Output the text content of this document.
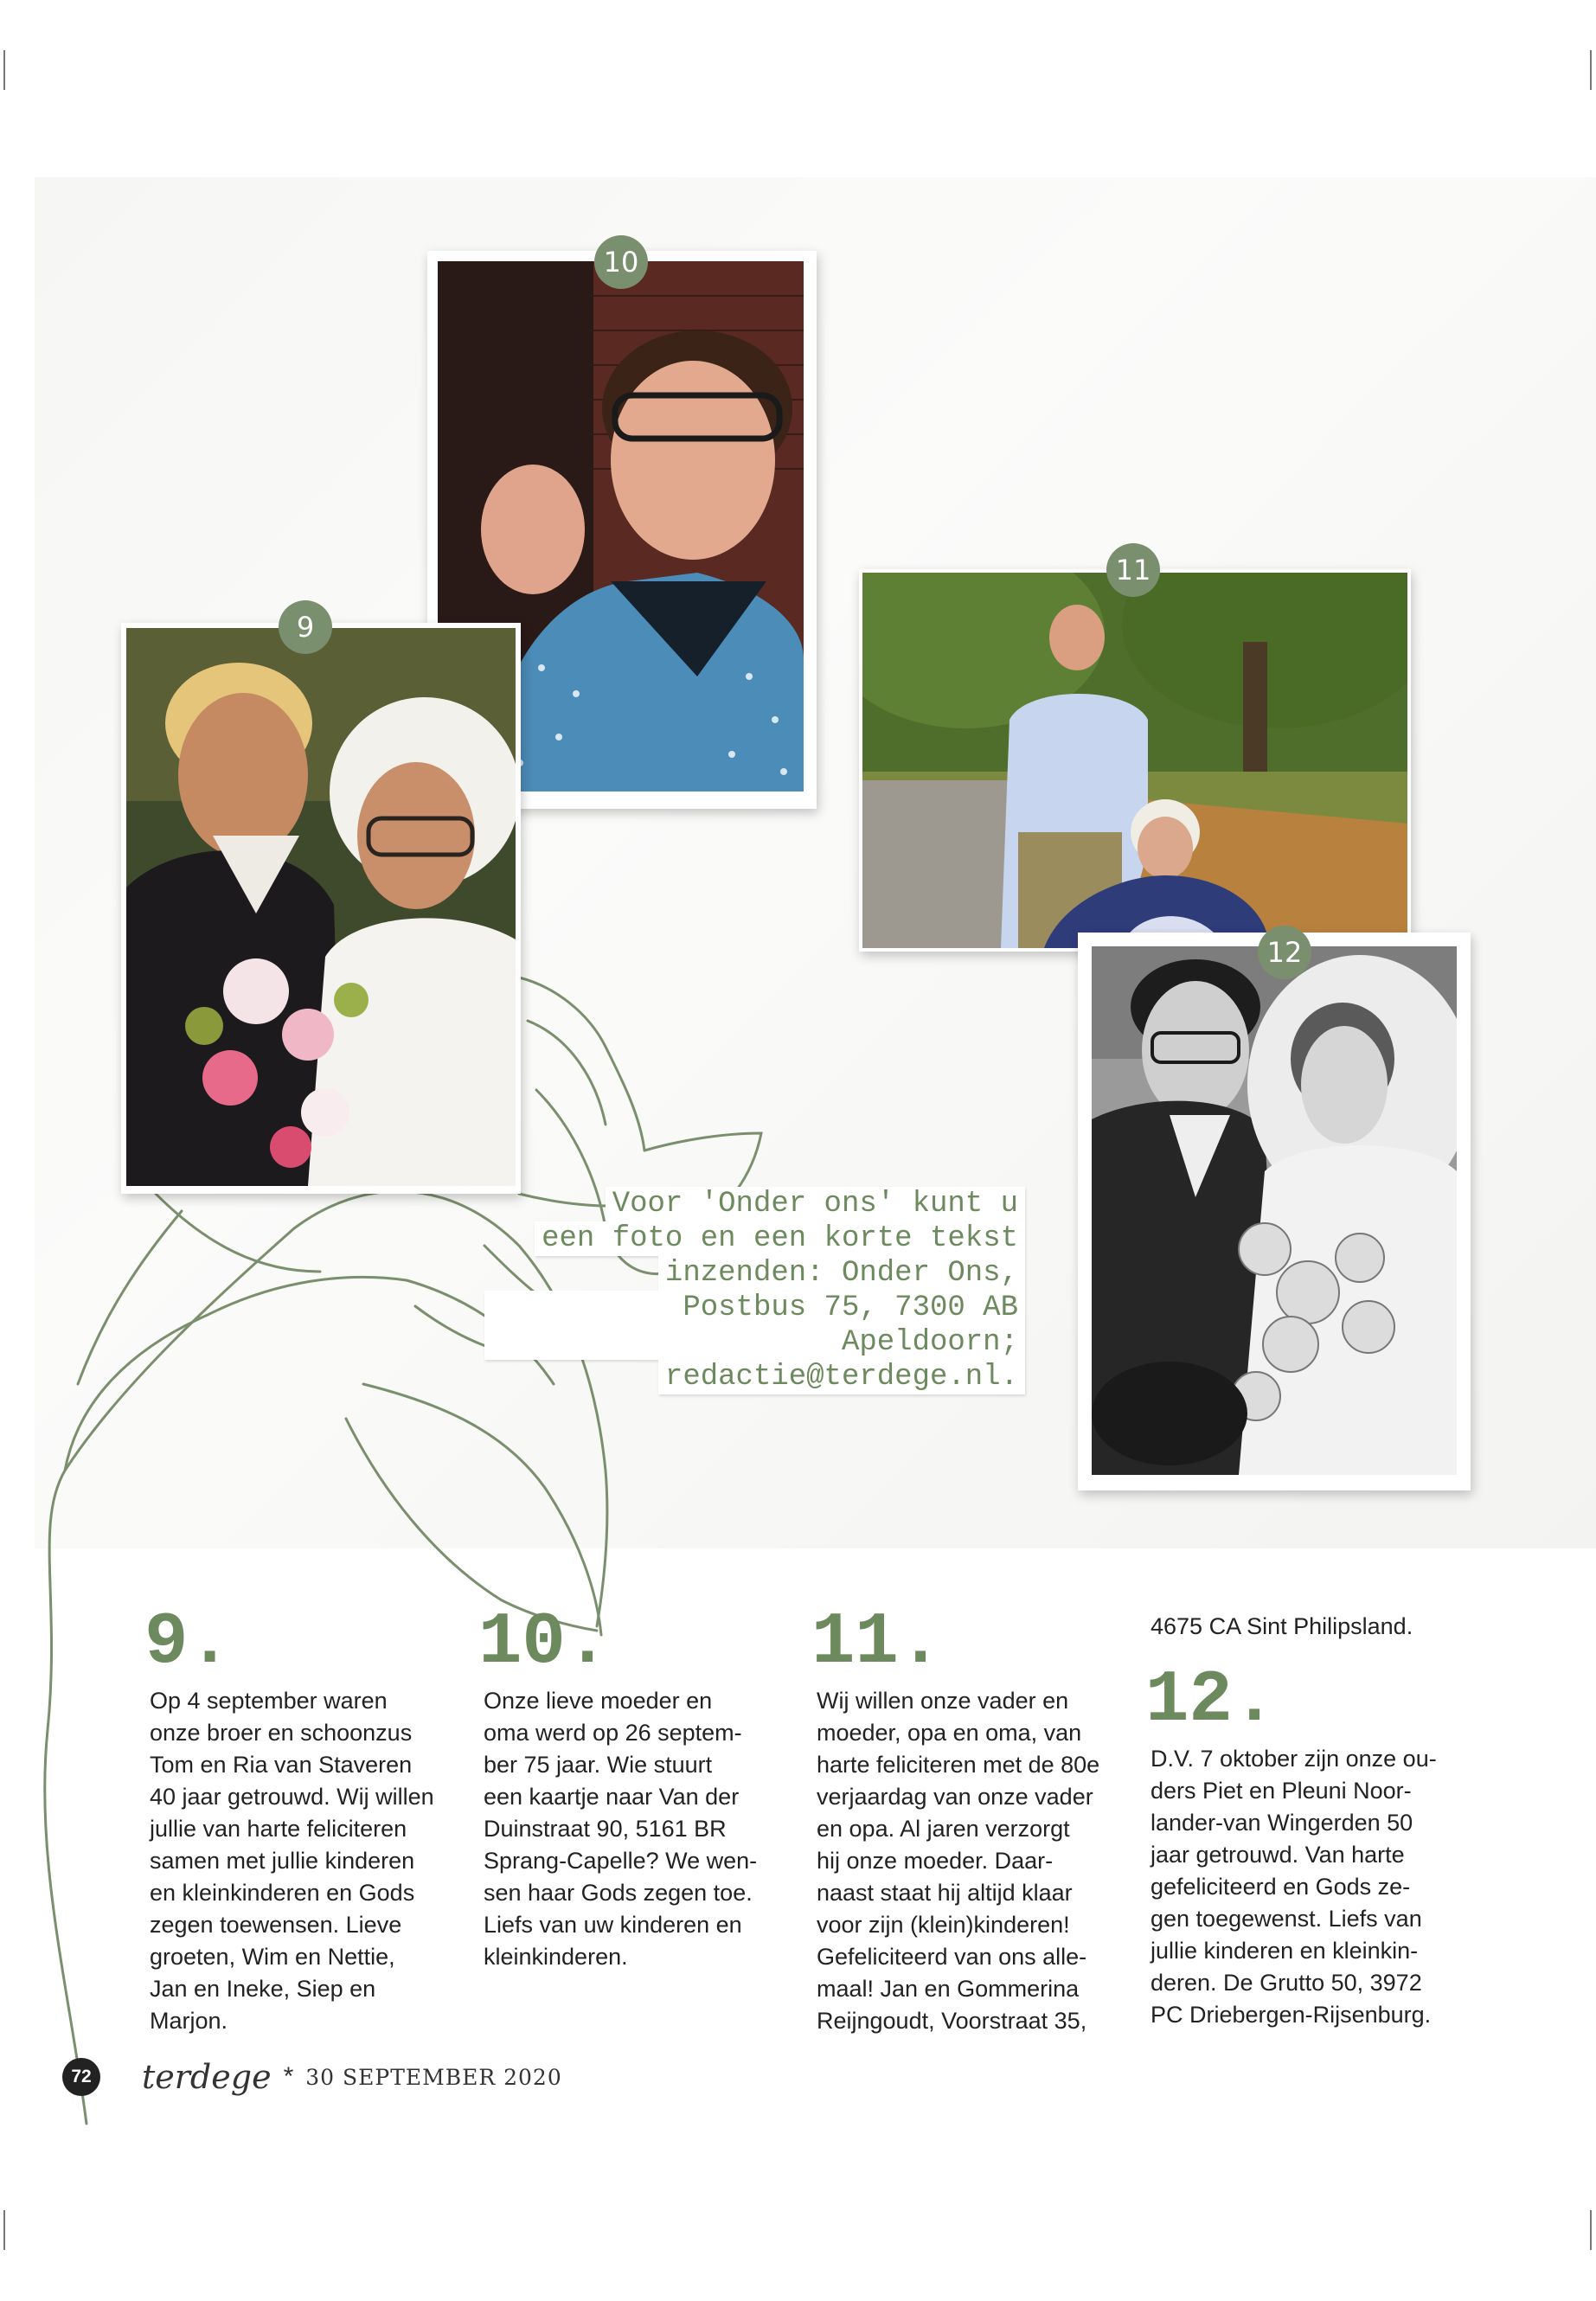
10
9
11
12
Voor 'Onder ons' kunt u
een foto en een korte tekst
inzenden: Onder Ons,
Postbus 75, 7300 AB Apeldoorn;
redactie@terdege.nl.
9.
Op 4 september waren
onze broer en schoonzus
Tom en Ria van Staveren
40 jaar getrouwd. Wij willen
jullie van harte feliciteren
samen met jullie kinderen
en kleinkinderen en Gods
zegen toewensen. Lieve
groeten, Wim en Nettie,
Jan en Ineke, Siep en
Marjon.
10.
Onze lieve moeder en
oma werd op 26 septem-
ber 75 jaar. Wie stuurt
een kaartje naar Van der
Duinstraat 90, 5161 BR
Sprang-Capelle? We wen-
sen haar Gods zegen toe.
Liefs van uw kinderen en
kleinkinderen.
11.
Wij willen onze vader en
moeder, opa en oma, van
harte feliciteren met de 80e
verjaardag van onze vader
en opa. Al jaren verzorgt
hij onze moeder. Daar-
naast staat hij altijd klaar
voor zijn (klein)kinderen!
Gefeliciteerd van ons alle-
maal! Jan en Gommerina
Reijngoudt, Voorstraat 35,
4675 CA Sint Philipsland.
12.
D.V. 7 oktober zijn onze ou-
ders Piet en Pleuni Noor-
lander-van Wingerden 50
jaar getrouwd. Van harte
gefeliciteerd en Gods ze-
gen toegewenst. Liefs van
jullie kinderen en kleinkin-
deren. De Grutto 50, 3972
PC Driebergen-Rijsenburg.
72 terdege * 30 SEPTEMBER 2020
